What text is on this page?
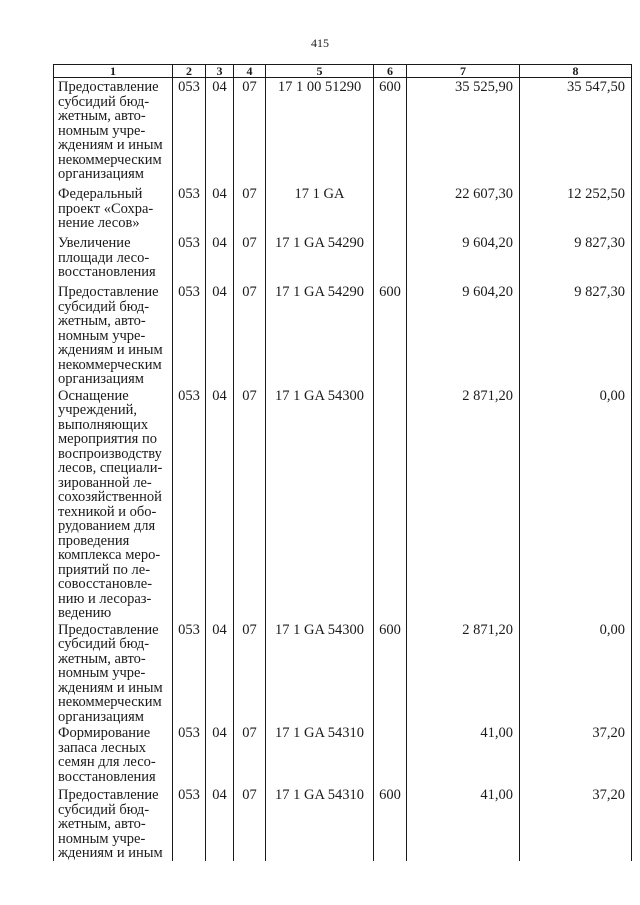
415
1	2	3	4	5	6	7	8
Предоставление субсидий бюд-жетным, авто-номным учре-ждениям и иным некоммерческим организациям	053	04	07	17 1 00 51290	600	35 525,90	35 547,50
Федеральный проект «Сохра-нение лесов»	053	04	07	17 1 GA		22 607,30	12 252,50
Увеличение площади лесо-восстановления	053	04	07	17 1 GA 54290		9 604,20	9 827,30
Предоставление субсидий бюд-жетным, авто-номным учре-ждениям и иным некоммерческим организациям	053	04	07	17 1 GA 54290	600	9 604,20	9 827,30
Оснащение учреждений, выполняющих мероприятия по воспроизводству лесов, специали-зированной ле-сохозяйственной техникой и обо-рудованием для проведения комплекса меро-приятий по ле-совосстановле-нию и лесораз-ведению	053	04	07	17 1 GA 54300		2 871,20	0,00
Предоставление субсидий бюд-жетным, авто-номным учре-ждениям и иным некоммерческим организациям	053	04	07	17 1 GA 54300	600	2 871,20	0,00
Формирование запаса лесных семян для лесо-восстановления	053	04	07	17 1 GA 54310		41,00	37,20
Предоставление субсидий бюд-жетным, авто-номным учре-ждениям и иным	053	04	07	17 1 GA 54310	600	41,00	37,20
